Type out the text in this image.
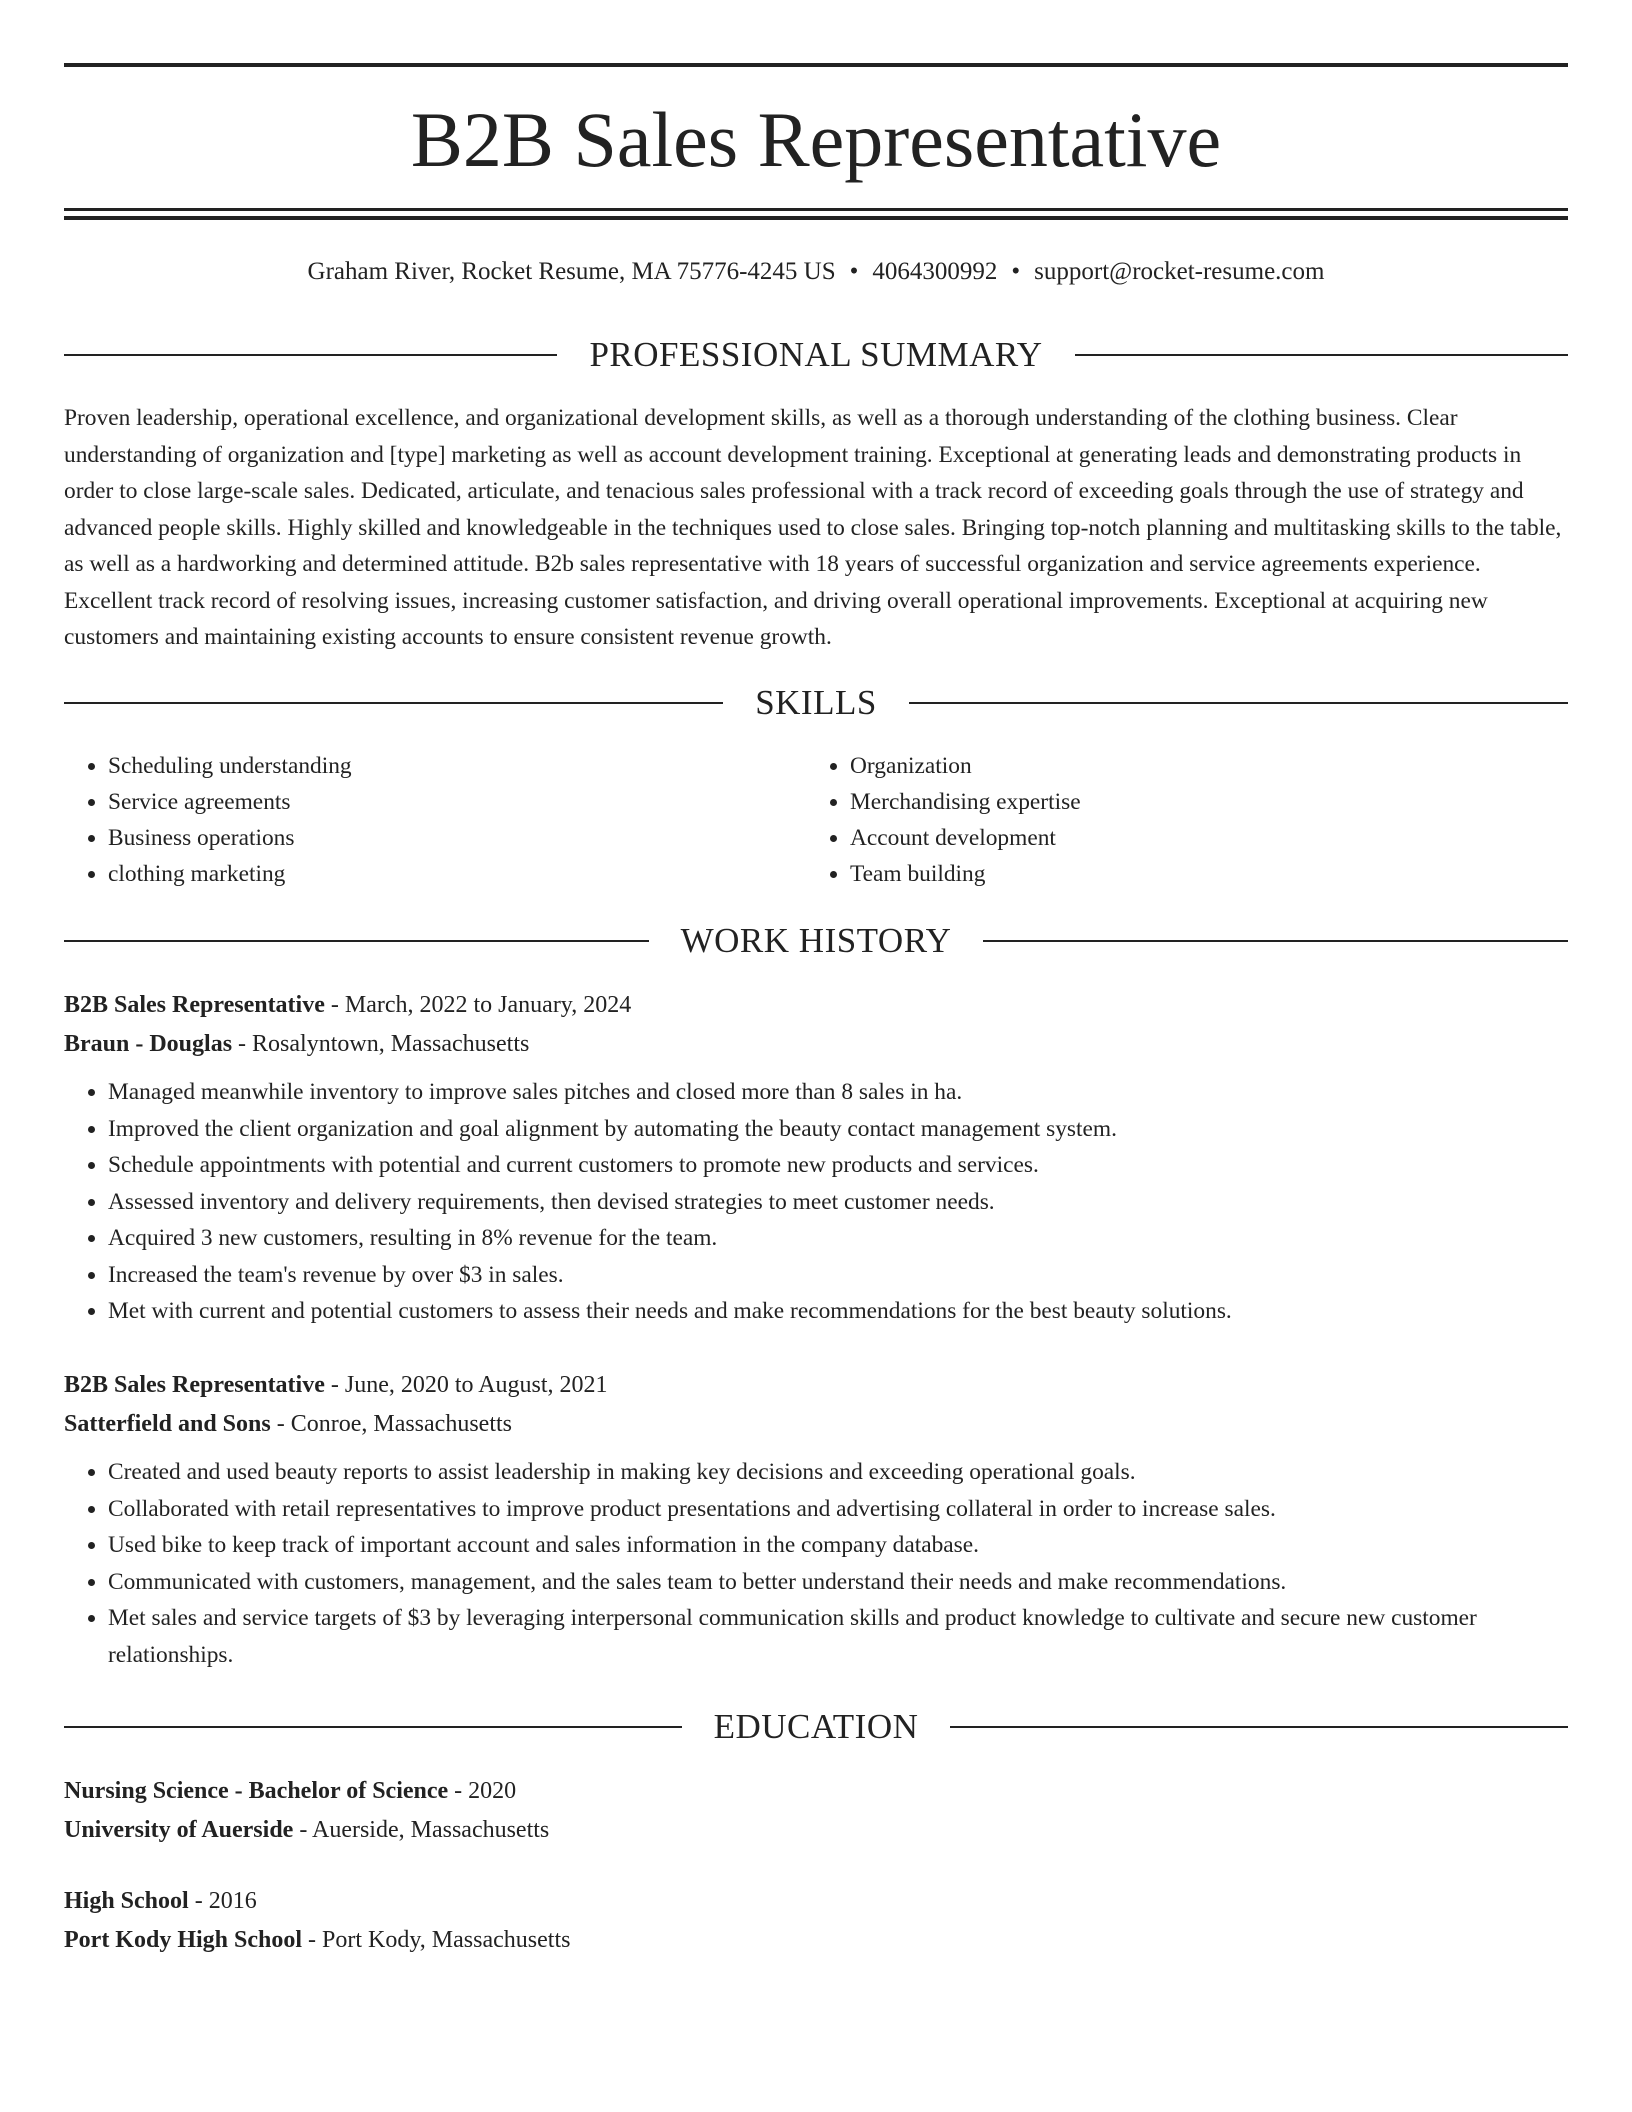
B2B Sales Representative
Graham River, Rocket Resume, MA 75776-4245 US • 4064300992 • support@rocket-resume.com
PROFESSIONAL SUMMARY

Proven leadership, operational excellence, and organizational development skills, as well as a thorough understanding of the clothing business. Clear understanding of organization and [type] marketing as well as account development training. Exceptional at generating leads and demonstrating products in order to close large-scale sales. Dedicated, articulate, and tenacious sales professional with a track record of exceeding goals through the use of strategy and advanced people skills. Highly skilled and knowledgeable in the techniques used to close sales. Bringing top-notch planning and multitasking skills to the table, as well as a hardworking and determined attitude. B2b sales representative with 18 years of successful organization and service agreements experience. Excellent track record of resolving issues, increasing customer satisfaction, and driving overall operational improvements. Exceptional at acquiring new customers and maintaining existing accounts to ensure consistent revenue growth.

SKILLS
• Scheduling understanding
• Service agreements
• Business operations
• clothing marketing
• Organization
• Merchandising expertise
• Account development
• Team building
WORK HISTORY
B2B Sales Representative - March, 2022 to January, 2024
Braun - Douglas - Rosalyntown, Massachusetts
• Managed meanwhile inventory to improve sales pitches and closed more than 8 sales in ha.
• Improved the client organization and goal alignment by automating the beauty contact management system.
• Schedule appointments with potential and current customers to promote new products and services.
• Assessed inventory and delivery requirements, then devised strategies to meet customer needs.
• Acquired 3 new customers, resulting in 8% revenue for the team.
• Increased the team's revenue by over $3 in sales.
• Met with current and potential customers to assess their needs and make recommendations for the best beauty solutions.
B2B Sales Representative - June, 2020 to August, 2021
Satterfield and Sons - Conroe, Massachusetts
• Created and used beauty reports to assist leadership in making key decisions and exceeding operational goals.
• Collaborated with retail representatives to improve product presentations and advertising collateral in order to increase sales.
• Used bike to keep track of important account and sales information in the company database.
• Communicated with customers, management, and the sales team to better understand their needs and make recommendations.
• Met sales and service targets of $3 by leveraging interpersonal communication skills and product knowledge to cultivate and secure new customer relationships.
EDUCATION
Nursing Science - Bachelor of Science - 2020
University of Auerside - Auerside, Massachusetts
High School - 2016
Port Kody High School - Port Kody, Massachusetts
